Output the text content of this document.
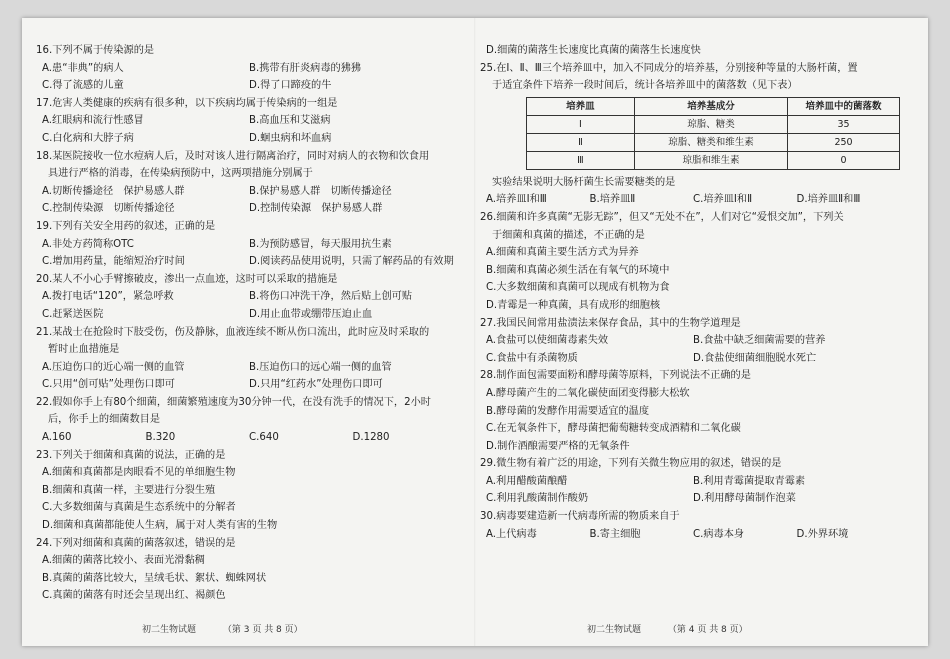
16.下列不属于传染源的是
A.患“非典”的病人	B.携带有肝炎病毒的狒狒
C.得了流感的儿童	D.得了口蹄疫的牛
17.危害人类健康的疾病有很多种，以下疾病均属于传染病的一组是
A.红眼病和流行性感冒	B.高血压和艾滋病
C.白化病和大脖子病	D.蛔虫病和坏血病
18.某医院接收一位水痘病人后，及时对该人进行隔离治疗，同时对病人的衣物和饮食用
具进行严格的消毒，在传染病预防中，这两项措施分别属于
A.切断传播途径　保护易感人群	B.保护易感人群　切断传播途径
C.控制传染源　切断传播途径	D.控制传染源　保护易感人群
19.下列有关安全用药的叙述，正确的是
A.非处方药简称OTC	B.为预防感冒，每天服用抗生素
C.增加用药量，能缩短治疗时间	D.阅读药品使用说明，只需了解药品的有效期
20.某人不小心手臂擦破皮，渗出一点血迹，这时可以采取的措施是
A.拨打电话“120”，紧急呼救	B.将伤口冲洗干净，然后贴上创可贴
C.赶紧送医院	D.用止血带或绷带压迫止血
21.某战士在抢险时下肢受伤，伤及静脉，血液连续不断从伤口流出，此时应及时采取的
暂时止血措施是
A.压迫伤口的近心端一侧的血管	B.压迫伤口的远心端一侧的血管
C.只用“创可贴”处理伤口即可	D.只用“红药水”处理伤口即可
22.假如你手上有80个细菌，细菌繁殖速度为30分钟一代，在没有洗手的情况下，2小时
后，你手上的细菌数目是
A.160	B.320	C.640	D.1280
23.下列关于细菌和真菌的说法，正确的是
A.细菌和真菌都是肉眼看不见的单细胞生物
B.细菌和真菌一样，主要进行分裂生殖
C.大多数细菌与真菌是生态系统中的分解者
D.细菌和真菌都能使人生病，属于对人类有害的生物
24.下列对细菌和真菌的菌落叙述，错误的是
A.细菌的菌落比较小、表面光滑黏稠
B.真菌的菌落比较大，呈绒毛状、絮状、蜘蛛网状
C.真菌的菌落有时还会呈现出红、褐颜色
D.细菌的菌落生长速度比真菌的菌落生长速度快
25.在Ⅰ、Ⅱ、Ⅲ三个培养皿中，加入不同成分的培养基，分别接种等量的大肠杆菌，置
于适宜条件下培养一段时间后，统计各培养皿中的菌落数（见下表）
培养皿	培养基成分	培养皿中的菌落数
Ⅰ	琼脂、糖类	35
Ⅱ	琼脂、糖类和维生素	250
Ⅲ	琼脂和维生素	0
实验结果说明大肠杆菌生长需要糖类的是
A.培养皿Ⅰ和Ⅲ	B.培养皿Ⅱ	C.培养皿Ⅰ和Ⅱ	D.培养皿Ⅱ和Ⅲ
26.细菌和许多真菌“无影无踪”，但又“无处不在”，人们对它“爱恨交加”，下列关
于细菌和真菌的描述，不正确的是
A.细菌和真菌主要生活方式为异养
B.细菌和真菌必须生活在有氧气的环境中
C.大多数细菌和真菌可以现成有机物为食
D.青霉是一种真菌，具有成形的细胞核
27.我国民间常用盐渍法来保存食品，其中的生物学道理是
A.食盐可以使细菌毒素失效	B.食盐中缺乏细菌需要的营养
C.食盐中有杀菌物质	D.食盐使细菌细胞脱水死亡
28.制作面包需要面粉和酵母菌等原料，下列说法不正确的是
A.酵母菌产生的二氧化碳使面团变得膨大松软
B.酵母菌的发酵作用需要适宜的温度
C.在无氧条件下，酵母菌把葡萄糖转变成酒精和二氧化碳
D.制作酒酿需要严格的无氧条件
29.微生物有着广泛的用途，下列有关微生物应用的叙述，错误的是
A.利用醋酸菌酿醋	B.利用青霉菌提取青霉素
C.利用乳酸菌制作酸奶	D.利用酵母菌制作泡菜
30.病毒要建造新一代病毒所需的物质来自于
A.上代病毒	B.寄主细胞	C.病毒本身	D.外界环境
初二生物试题	（第 3 页 共 8 页）	初二生物试题	（第 4 页 共 8 页）
